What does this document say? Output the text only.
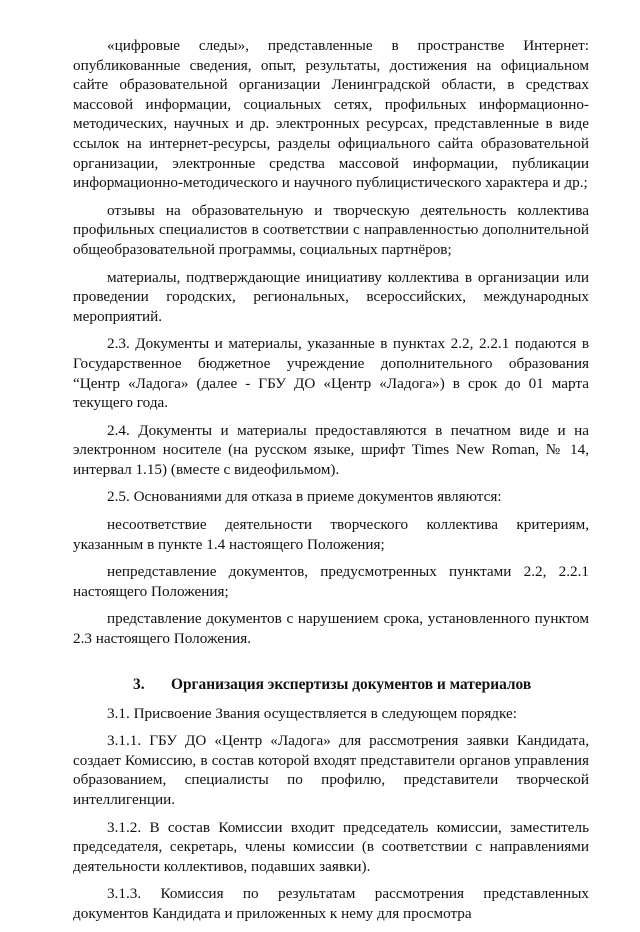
«цифровые следы», представленные в пространстве Интернет: опубликованные сведения, опыт, результаты, достижения на официальном сайте образовательной организации Ленинградской области, в средствах массовой информации, социальных сетях, профильных информационно-методических, научных и др. электронных ресурсах, представленные в виде ссылок на интернет-ресурсы, разделы официального сайта образовательной организации, электронные средства массовой информации, публикации информационно-методического и научного публицистического характера и др.;

отзывы на образовательную и творческую деятельность коллектива профильных специалистов в соответствии с направленностью дополнительной общеобразовательной программы, социальных партнёров;

материалы, подтверждающие инициативу коллектива в организации или проведении городских, региональных, всероссийских, международных мероприятий.

2.3. Документы и материалы, указанные в пунктах 2.2, 2.2.1 подаются в Государственное бюджетное учреждение дополнительного образования “Центр «Ладога» (далее - ГБУ ДО «Центр «Ладога») в срок до 01 марта текущего года.

2.4. Документы и материалы предоставляются в печатном виде и на электронном носителе (на русском языке, шрифт Times New Roman, № 14, интервал 1.15) (вместе с видеофильмом).

2.5. Основаниями для отказа в приеме документов являются:

несоответствие деятельности творческого коллектива критериям, указанным в пункте 1.4 настоящего Положения;

непредставление документов, предусмотренных пунктами 2.2, 2.2.1 настоящего Положения;

представление документов с нарушением срока, установленного пунктом 2.3 настоящего Положения.

3. Организация экспертизы документов и материалов

3.1. Присвоение Звания осуществляется в следующем порядке:

3.1.1. ГБУ ДО «Центр «Ладога» для рассмотрения заявки Кандидата, создает Комиссию, в состав которой входят представители органов управления образованием, специалисты по профилю, представители творческой интеллигенции.

3.1.2. В состав Комиссии входит председатель комиссии, заместитель председателя, секретарь, члены комиссии (в соответствии с направлениями деятельности коллективов, подавших заявки).

3.1.3. Комиссия по результатам рассмотрения представленных документов Кандидата и приложенных к нему для просмотра
